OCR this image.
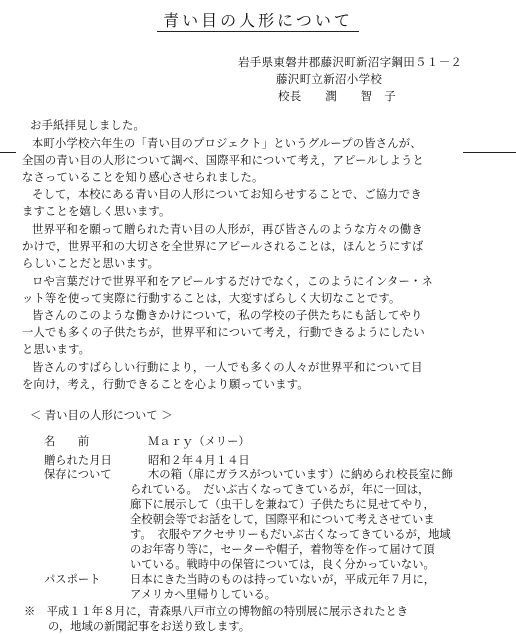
青い目の人形について
岩手県東磐井郡藤沢町新沼字鋼田５１－２
藤沢町立新沼小学校
校長　　潤　　智　子
お手紙拝見しました。
本町小学校六年生の「青い目のプロジェクト」というグループの皆さんが、
全国の青い目の人形について調べ、国際平和について考え，アピールしようと
なさっていることを知り感心させられました。
そして，本校にある青い目の人形についてお知らせすることで、ご協力でき
ますことを嬉しく思います。
世界平和を願って贈られた青い目の人形が，再び皆さんのような方々の働き
かけで，世界平和の大切さを全世界にアピールされることは，ほんとうにすば
らしいことだと思います。
ロや言葉だけで世界平和をアピールするだけでなく，このようにインター・ネ
ット等を使って実際に行動することは，大変すばらしく大切なことです。
皆さんのこのような働きかけについて，私の学校の子供たちにも話してやり
一人でも多くの子供たちが，世界平和について考え，行動できるようにしたい
と思います。
皆さんのすばらしい行動により，一人でも多くの人々が世界平和について目
を向け，考え，行動できることを心より願っています。
＜ 青い目の人形について ＞
名　　前	Ｍａｒｙ（メリー）
贈られた月日	昭和２年４月１４日
保存について	木の箱（扉にガラスがついています）に納められ校長室に飾
られている。　だいぶ古くなってきているが，年に一回は，
廊下に展示して（虫干しを兼ねて）子供たちに見せてやり，
全校朝会等でお話をして，国際平和について考えさせていま
す。　衣服やアクセサリーもだいぶ古くなってきているが，地域
のお年寄り等に，セーターや帽子，着物等を作って届けて頂
いている。戦時中の保管については，良く分かっていない。
パスポート	日本にきた当時のものは持っていないが，平成元年７月に，
アメリカへ里帰りしている。
※　平成１１年８月に，青森県八戸市立の博物館の特別展に展示されたとき
の，地域の新聞記事をお送り致します。
